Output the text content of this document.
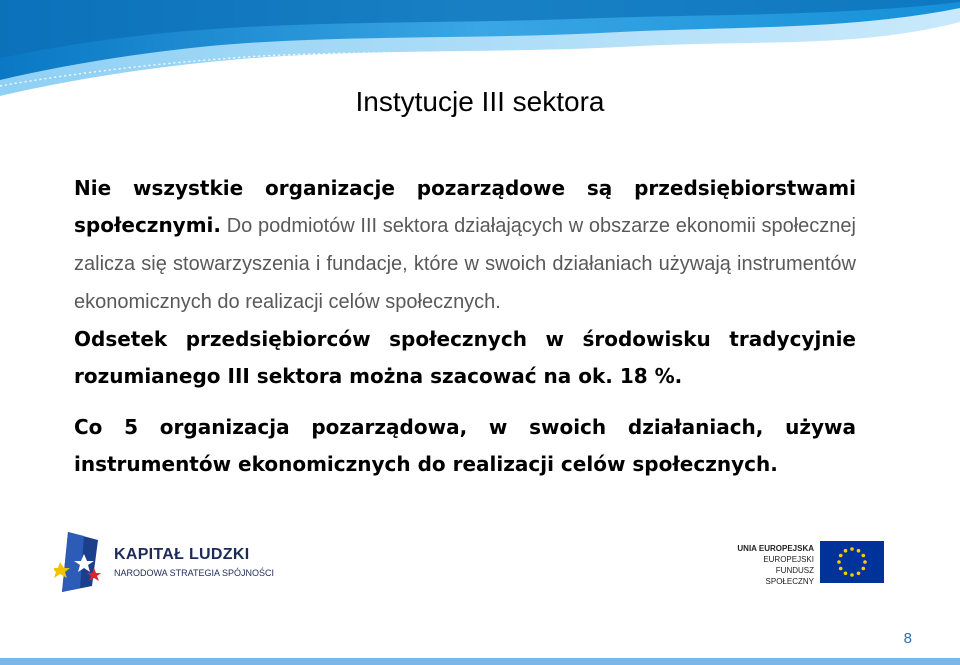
Instytucje III sektora

Nie wszystkie organizacje pozarządowe są przedsiębiorstwami społecznymi. Do podmiotów III sektora działających w obszarze ekonomii społecznej zalicza się stowarzyszenia i fundacje, które w swoich działaniach używają instrumentów ekonomicznych do realizacji celów społecznych.

Odsetek przedsiębiorców społecznych w środowisku tradycyjnie rozumianego III sektora można szacować na ok. 18 %.

Co 5 organizacja pozarządowa, w swoich działaniach, używa instrumentów ekonomicznych do realizacji celów społecznych.

KAPITAŁ LUDZKI
NARODOWA STRATEGIA SPÓJNOŚCI
UNIA EUROPEJSKA
EUROPEJSKI
FUNDUSZ SPOŁECZNY
8
